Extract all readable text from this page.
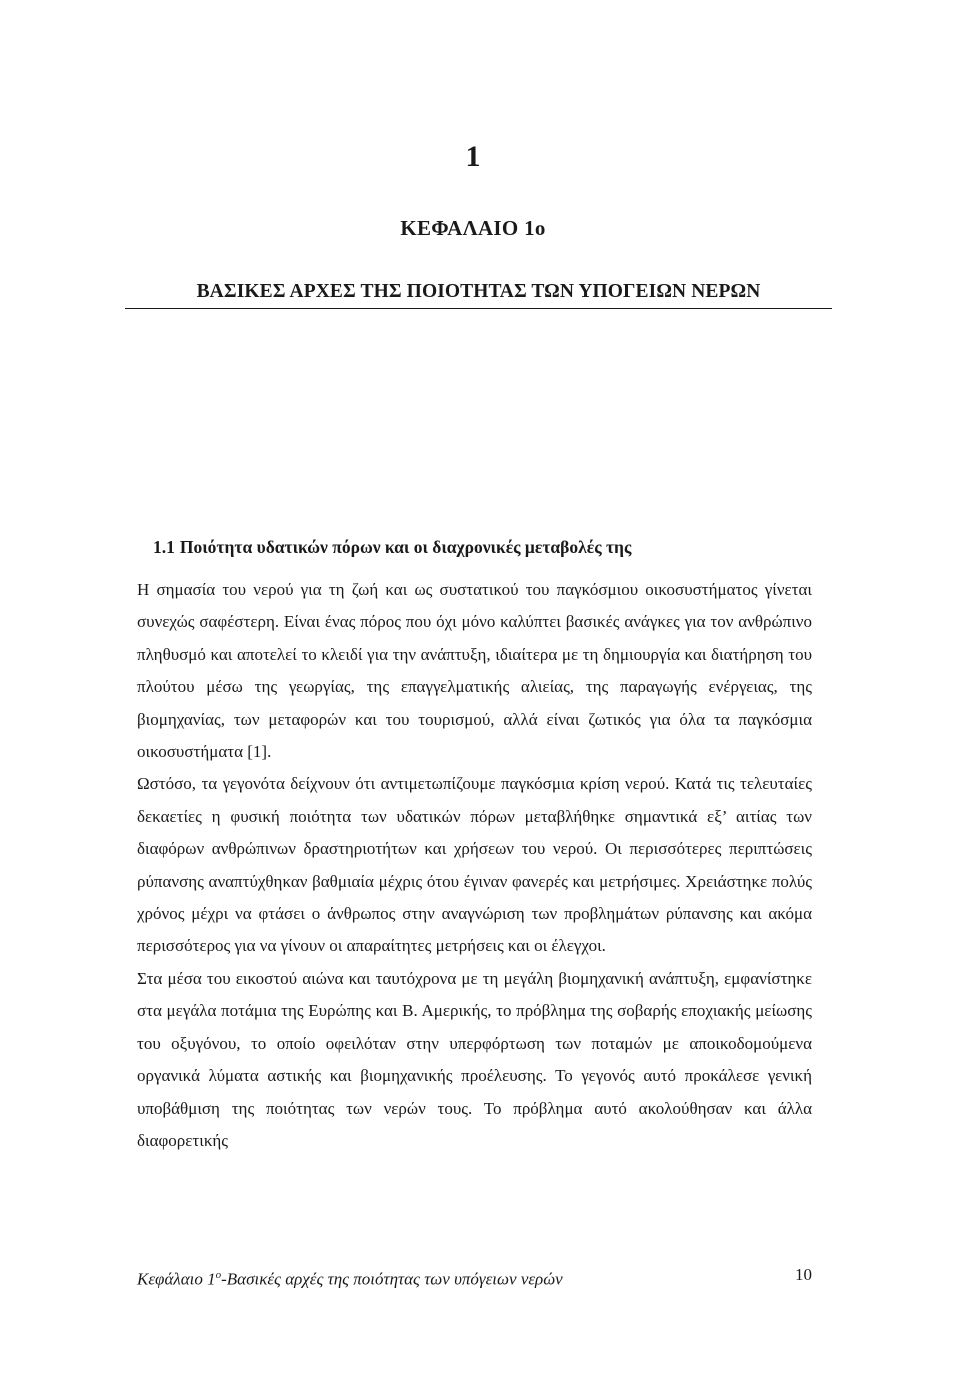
1
ΚΕΦΑΛΑΙΟ 1ο
ΒΑΣΙΚΕΣ ΑΡΧΕΣ ΤΗΣ ΠΟΙΟΤΗΤΑΣ ΤΩΝ ΥΠΟΓΕΙΩΝ ΝΕΡΩΝ
1.1 Ποιότητα υδατικών πόρων και οι διαχρονικές μεταβολές της

Η σημασία του νερού για τη ζωή και ως συστατικού του παγκόσμιου οικοσυστήματος γίνεται συνεχώς σαφέστερη. Είναι ένας πόρος που όχι μόνο καλύπτει βασικές ανάγκες για τον ανθρώπινο πληθυσμό και αποτελεί το κλειδί για την ανάπτυξη, ιδιαίτερα με τη δημιουργία και διατήρηση του πλούτου μέσω της γεωργίας, της επαγγελματικής αλιείας, της παραγωγής ενέργειας, της βιομηχανίας, των μεταφορών και του τουρισμού, αλλά είναι ζωτικός για όλα τα παγκόσμια οικοσυστήματα [1].

Ωστόσο, τα γεγονότα δείχνουν ότι αντιμετωπίζουμε παγκόσμια κρίση νερού. Κατά τις τελευταίες δεκαετίες η φυσική ποιότητα των υδατικών πόρων μεταβλήθηκε σημαντικά εξ’ αιτίας των διαφόρων ανθρώπινων δραστηριοτήτων και χρήσεων του νερού. Οι περισσότερες περιπτώσεις ρύπανσης αναπτύχθηκαν βαθμιαία μέχρις ότου έγιναν φανερές και μετρήσιμες. Χρειάστηκε πολύς χρόνος μέχρι να φτάσει ο άνθρωπος στην αναγνώριση των προβλημάτων ρύπανσης και ακόμα περισσότερος για να γίνουν οι απαραίτητες μετρήσεις και οι έλεγχοι.

Στα μέσα του εικοστού αιώνα και ταυτόχρονα με τη μεγάλη βιομηχανική ανάπτυξη, εμφανίστηκε στα μεγάλα ποτάμια της Ευρώπης και Β. Αμερικής, το πρόβλημα της σοβαρής εποχιακής μείωσης του οξυγόνου, το οποίο οφειλόταν στην υπερφόρτωση των ποταμών με αποικοδομούμενα οργανικά λύματα αστικής και βιομηχανικής προέλευσης. Το γεγονός αυτό προκάλεσε γενική υποβάθμιση της ποιότητας των νερών τους. Το πρόβλημα αυτό ακολούθησαν και άλλα διαφορετικής

Κεφάλαιο $1^o$-Βασικές αρχές της ποιότητας των υπόγειων νερών	10
